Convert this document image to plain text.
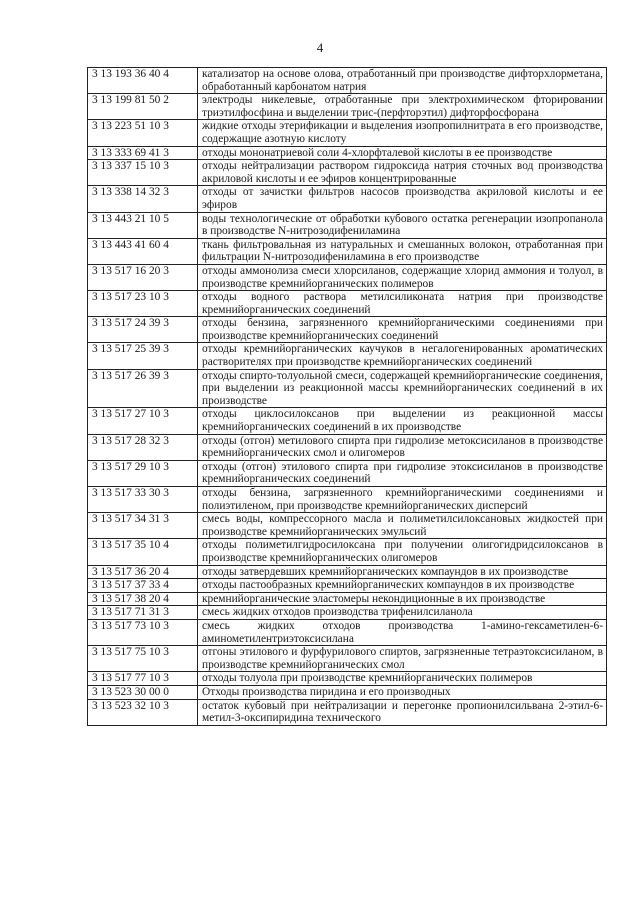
4
3 13 193 36 40 4	катализатор на основе олова, отработанный при производстве дифторхлорметана, обработанный карбонатом натрия
3 13 199 81 50 2	электроды никелевые, отработанные при электрохимическом фторировании триэтилфосфина и выделении трис-(перфторэтил) дифторфосфорана
3 13 223 51 10 3	жидкие отходы этерификации и выделения изопропилнитрата в его производстве, содержащие азотную кислоту
3 13 333 69 41 3	отходы мононатриевой соли 4-хлорфталевой кислоты в ее производстве
3 13 337 15 10 3	отходы нейтрализации раствором гидроксида натрия сточных вод производства акриловой кислоты и ее эфиров концентрированные
3 13 338 14 32 3	отходы от зачистки фильтров насосов производства акриловой кислоты и ее эфиров
3 13 443 21 10 5	воды технологические от обработки кубового остатка регенерации изопропанола в производстве N-нитрозодифениламина
3 13 443 41 60 4	ткань фильтровальная из натуральных и смешанных волокон, отработанная при фильтрации N-нитрозодифениламина в его производстве
3 13 517 16 20 3	отходы аммонолиза смеси хлорсиланов, содержащие хлорид аммония и толуол, в производстве кремнийорганических полимеров
3 13 517 23 10 3	отходы водного раствора метилсиликоната натрия при производстве кремнийорганических соединений
3 13 517 24 39 3	отходы бензина, загрязненного кремнийорганическими соединениями при производстве кремнийорганических соединений
3 13 517 25 39 3	отходы кремнийорганических каучуков в негалогенированных ароматических растворителях при производстве кремнийорганических соединений
3 13 517 26 39 3	отходы спирто-толуольной смеси, содержащей кремнийорганические соединения, при выделении из реакционной массы кремнийорганических соединений в их производстве
3 13 517 27 10 3	отходы циклосилоксанов при выделении из реакционной массы кремнийорганических соединений в их производстве
3 13 517 28 32 3	отходы (отгон) метилового спирта при гидролизе метоксисиланов в производстве кремнийорганических смол и олигомеров
3 13 517 29 10 3	отходы (отгон) этилового спирта при гидролизе этоксисиланов в производстве кремнийорганических соединений
3 13 517 33 30 3	отходы бензина, загрязненного кремнийорганическими соединениями и полиэтиленом, при производстве кремнийорганических дисперсий
3 13 517 34 31 3	смесь воды, компрессорного масла и полиметилсилоксановых жидкостей при производстве кремнийорганических эмульсий
3 13 517 35 10 4	отходы полиметилгидросилоксана при получении олигогидридсилоксанов в производстве кремнийорганических олигомеров
3 13 517 36 20 4	отходы затвердевших кремнийорганических компаундов в их производстве
3 13 517 37 33 4	отходы пастообразных кремнийорганических компаундов в их производстве
3 13 517 38 20 4	кремнийорганические эластомеры некондиционные в их производстве
3 13 517 71 31 3	смесь жидких отходов производства трифенилсиланола
3 13 517 73 10 3	смесь жидких отходов производства 1-амино-гексаметилен-6-аминометилентриэтоксисилана
3 13 517 75 10 3	отгоны этилового и фурфурилового спиртов, загрязненные тетраэтоксисиланом, в производстве кремнийорганических смол
3 13 517 77 10 3	отходы толуола при производстве кремнийорганических полимеров
3 13 523 30 00 0	Отходы производства пиридина и его производных
3 13 523 32 10 3	остаток кубовый при нейтрализации и перегонке пропионилсильвана 2-этил-6-метил-3-оксипиридина технического
